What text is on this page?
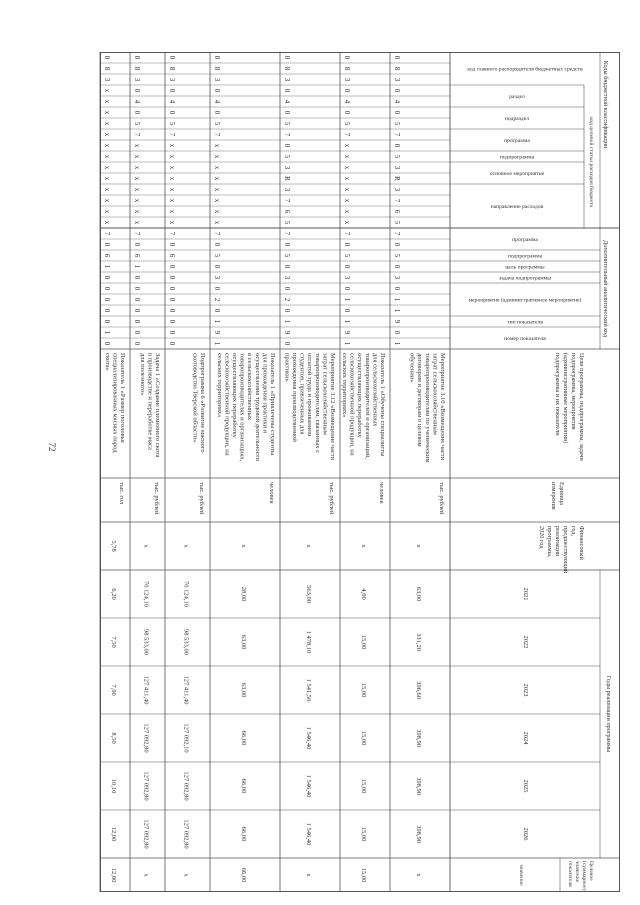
72
Коды бюджетной классификации
Дополнительный аналитический код
код целевой статьи расходов бюджета
код главного распорядителя бюджетных средств
раздел
подраздел
программа
подпрограмма
основное мероприятие
направление расходов
программа
подпрограмма
цель программы
задача подпрограммы
мероприятие (административное мероприятие)
тип показателя
номер показателя
Цели программы, подпрограммы, задачиподпрограммы, мероприятия(административные мероприятия)подпрограммы и их показатели
Единицаизмерения
Финансовыйгод,предшествующийреализациипрограммы,2020 год
Годы реализации программы
2021
2022
2023
2024
2025
2026
Целевое(суммарное)значениепоказателя
значение
0
8
3
0
4
0
5
7
0
5
3
R
3
7
6
5
7
0
5
0
3
0
1
1
9
0
1
Мероприятие 3.10 «Возмещение частизатрат сельскохозяйственнымтоваропроизводителям по ученическимдоговорам и договорам о целевомобучении»
тыс. рублей
x
63,00
331,20
396,60
398,90
398,90
398,90
x
0
8
3
0
4
0
5
7
x
x
x
x
x
x
x
x
7
0
5
0
3
0
1
0
1
9
1
Показатель 1 «Обучены специалистыдля сельскохозяйственныхтоваропроизводителей и организаций,осуществляющих переработкусельскохозяйственной продукции, насельских территориях»
человек
x
4,00
15,00
15,00
15,00
15,00
15,00
15,00
0
8
3
0
4
0
5
7
0
5
3
R
3
7
6
5
7
0
5
0
3
0
2
0
1
9
0
Мероприятие 3.12 «Возмещение частизатрат сельскохозяйственнымтоваропроизводителям, связанных соплатой труда и проживаниемстудентов, привлеченных дляпрохождения производственнойпрактики»
тыс. рублей
x
563,00
1 478,10
1 541,50
1 546,40
1 546,40
1 546,40
x
0
8
3
0
4
0
5
7
x
x
x
x
x
x
x
x
7
0
5
0
3
0
2
0
1
9
1
Показатель 1 «Привлечены студентыдля прохождения практики иосуществления трудовой деятельностив сельскохозяйственныхтоваропроизводителях и организациях,осуществляющих переработкусельскохозяйственной продукции, насельских территориях»
человек
x
28,00
63,00
63,00
66,00
66,00
66,00
66,00
0
8
3
0
4
0
5
7
x
x
x
x
x
x
x
x
7
0
6
0
0
0
0
0
0
0
0
Подпрограмма 6 «Развитие мясногоскотоводства Тверской области»
тыс. рублей
x
70 124,10
98 533,00
127 411,40
127 092,10
127 092,80
127 092,80
x
0
8
3
0
4
0
5
7
x
x
x
x
x
x
x
x
7
0
6
1
0
0
0
0
0
0
0
Задача 1 «Создание племенного скотав производстве и переработке мясадля полезного»
тыс. рублей
x
70 124,10
98 533,00
127 411,40
127 092,80
127 092,80
127 092,80
x
0
8
3
x
x
x
x
x
x
x
x
x
x
x
x
x
7
0
6
1
0
0
0
0
0
1
0
Показатель 1 «Размер поголовьяспециализированных мясных породскота»
тыс. гол
5,78
6,20
7,50
7,90
8,50
10,10
12,00
12,00
